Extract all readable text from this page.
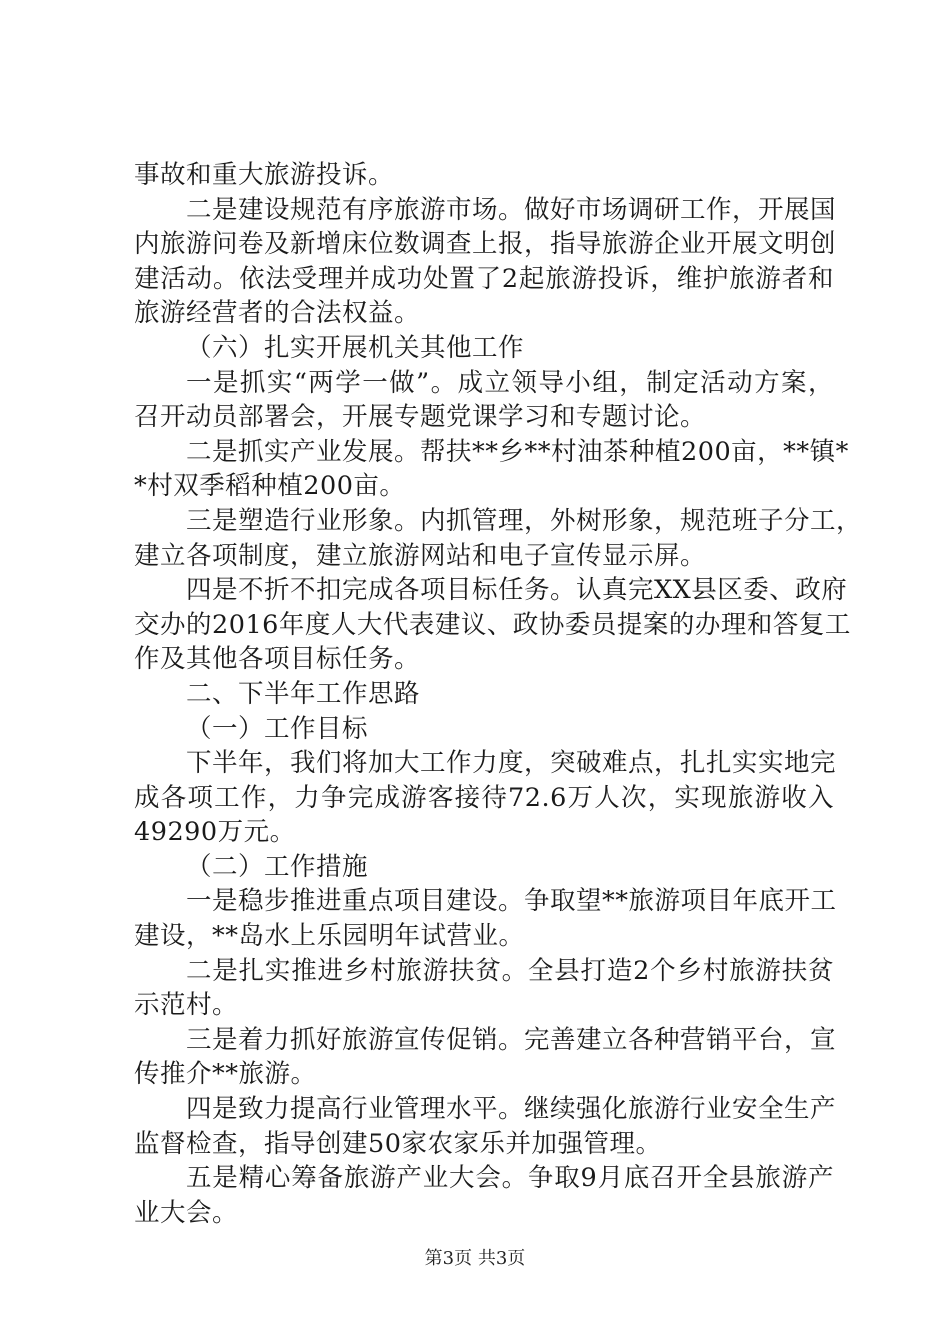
事故和重大旅游投诉。
二是建设规范有序旅游市场。做好市场调研工作，开展国
内旅游问卷及新增床位数调查上报，指导旅游企业开展文明创
建活动。依法受理并成功处置了2起旅游投诉，维护旅游者和
旅游经营者的合法权益。
（六）扎实开展机关其他工作
一是抓实“两学一做”。成立领导小组，制定活动方案，
召开动员部署会，开展专题党课学习和专题讨论。
二是抓实产业发展。帮扶**乡**村油茶种植200亩，**镇*
*村双季稻种植200亩。
三是塑造行业形象。内抓管理，外树形象，规范班子分工，
建立各项制度，建立旅游网站和电子宣传显示屏。
四是不折不扣完成各项目标任务。认真完XX县区委、政府
交办的2016年度人大代表建议、政协委员提案的办理和答复工
作及其他各项目标任务。
二、下半年工作思路
（一）工作目标
下半年，我们将加大工作力度，突破难点，扎扎实实地完
成各项工作，力争完成游客接待72.6万人次，实现旅游收入
49290万元。
（二）工作措施
一是稳步推进重点项目建设。争取望**旅游项目年底开工
建设，**岛水上乐园明年试营业。
二是扎实推进乡村旅游扶贫。全县打造2个乡村旅游扶贫
示范村。
三是着力抓好旅游宣传促销。完善建立各种营销平台，宣
传推介**旅游。
四是致力提高行业管理水平。继续强化旅游行业安全生产
监督检查，指导创建50家农家乐并加强管理。
五是精心筹备旅游产业大会。争取9月底召开全县旅游产
业大会。
第3页 共3页
